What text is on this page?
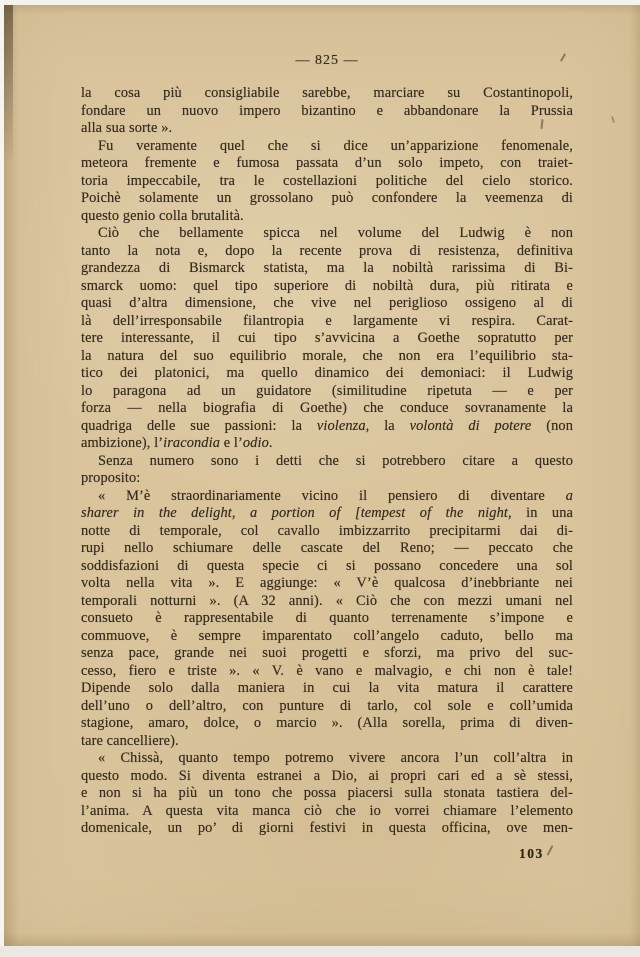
— 825 —
la cosa più consigliabile sarebbe, marciare su Costantinopoli,
fondare un nuovo impero bizantino e abbandonare la Prussia
alla sua sorte ».
Fu veramente quel che si dice un’apparizione fenomenale,
meteora fremente e fumosa passata d’un solo impeto, con traiet-
toria impeccabile, tra le costellazioni politiche del cielo storico.
Poichè solamente un grossolano può confondere la veemenza di
questo genio colla brutalità.
Ciò che bellamente spicca nel volume del Ludwig è non
tanto la nota e, dopo la recente prova di resistenza, definitiva
grandezza di Bismarck statista, ma la nobiltà rarissima di Bi-
smarck uomo: quel tipo superiore di nobiltà dura, più ritirata e
quasi d’altra dimensione, che vive nel periglioso ossigeno al di
là dell’irresponsabile filantropia e largamente vi respira. Carat-
tere interessante, il cui tipo s’avvicina a Goethe sopratutto per
la natura del suo equilibrio morale, che non era l’equilibrio sta-
tico dei platonici, ma quello dinamico dei demoniaci: il Ludwig
lo paragona ad un guidatore (similitudine ripetuta — e per
forza — nella biografia di Goethe) che conduce sovranamente la
quadriga delle sue passioni: la violenza, la volontà di potere (non
ambizione), l’iracondia e l’odio.
Senza numero sono i detti che si potrebbero citare a questo
proposito:
« M’è straordinariamente vicino il pensiero di diventare a
sharer in the delight, a portion of [tempest of the night, in una
notte di temporale, col cavallo imbizzarrito precipitarmi dai di-
rupi nello schiumare delle cascate del Reno; — peccato che
soddisfazioni di questa specie ci si possano concedere una sol
volta nella vita ». E aggiunge: « V’è qualcosa d’inebbriante nei
temporali notturni ». (A 32 anni). « Ciò che con mezzi umani nel
consueto è rappresentabile di quanto terrenamente s’impone e
commuove, è sempre imparentato coll’angelo caduto, bello ma
senza pace, grande nei suoi progetti e sforzi, ma privo del suc-
cesso, fiero e triste ». « V. è vano e malvagio, e chi non è tale!
Dipende solo dalla maniera in cui la vita matura il carattere
dell’uno o dell’altro, con punture di tarlo, col sole e coll’umida
stagione, amaro, dolce, o marcio ». (Alla sorella, prima di diven-
tare cancelliere).
« Chissà, quanto tempo potremo vivere ancora l’un coll’altra in
questo modo. Si diventa estranei a Dio, ai propri cari ed a sè stessi,
e non si ha più un tono che possa piacersi sulla stonata tastiera del-
l’anima. A questa vita manca ciò che io vorrei chiamare l’elemento
domenicale, un po’ di giorni festivi in questa officina, ove men-
103
